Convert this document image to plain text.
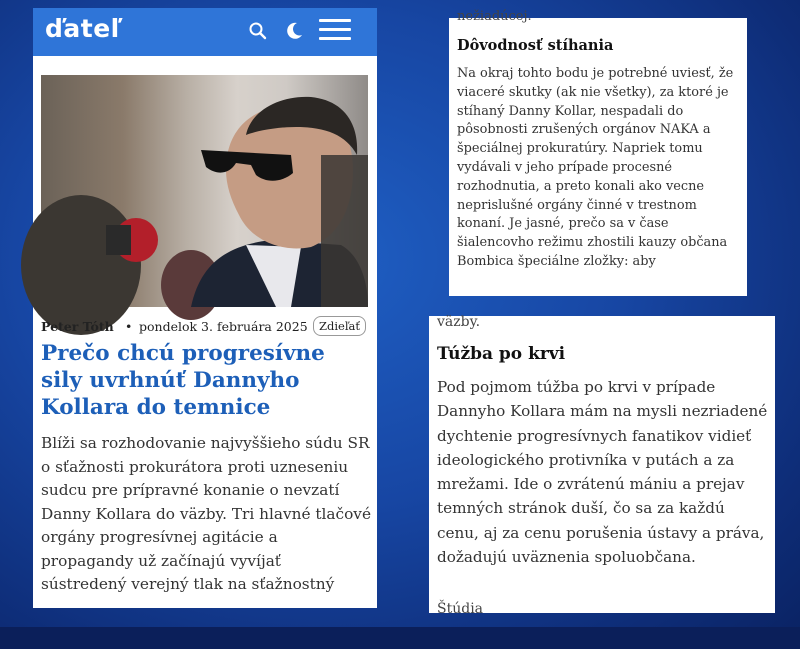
ďateľ
Peter Tóth • pondelok 3. februára 2025 Zdieľať
Prečo chcú progresívne sily uvrhnúť Dannyho Kollara do temnice

Blíži sa rozhodovanie najvyššieho súdu SR o sťažnosti prokurátora proti uzneseniu sudcu pre prípravné konanie o nevzatí Danny Kollara do väzby. Tri hlavné tlačové orgány progresívnej agitácie a propagandy už začínajú vyvíjať sústredený verejný tlak na sťažnostný

nežiadúcej.
Dôvodnosť stíhania

Na okraj tohto bodu je potrebné uviesť, že viaceré skutky (ak nie všetky), za ktoré je stíhaný Danny Kollar, nespadali do pôsobnosti zrušených orgánov NAKA a špeciálnej prokuratúry. Napriek tomu vydávali v jeho prípade procesné rozhodnutia, a preto konali ako vecne neprislušné orgány činné v trestnom konaní. Je jasné, prečo sa v čase šialencovho režimu zhostili kauzy občana Bombica špeciálne zložky: aby

väzby.
Túžba po krvi

Pod pojmom túžba po krvi v prípade Dannyho Kollara mám na mysli nezriadené dychtenie progresívnych fanatikov vidieť ideologického protivníka v putách a za mrežami. Ide o zvrátenú mániu a prejav temných stránok duší, čo sa za každú cenu, aj za cenu porušenia ústavy a práva, dožadujú uväznenia spoluobčana.

Štúdia
